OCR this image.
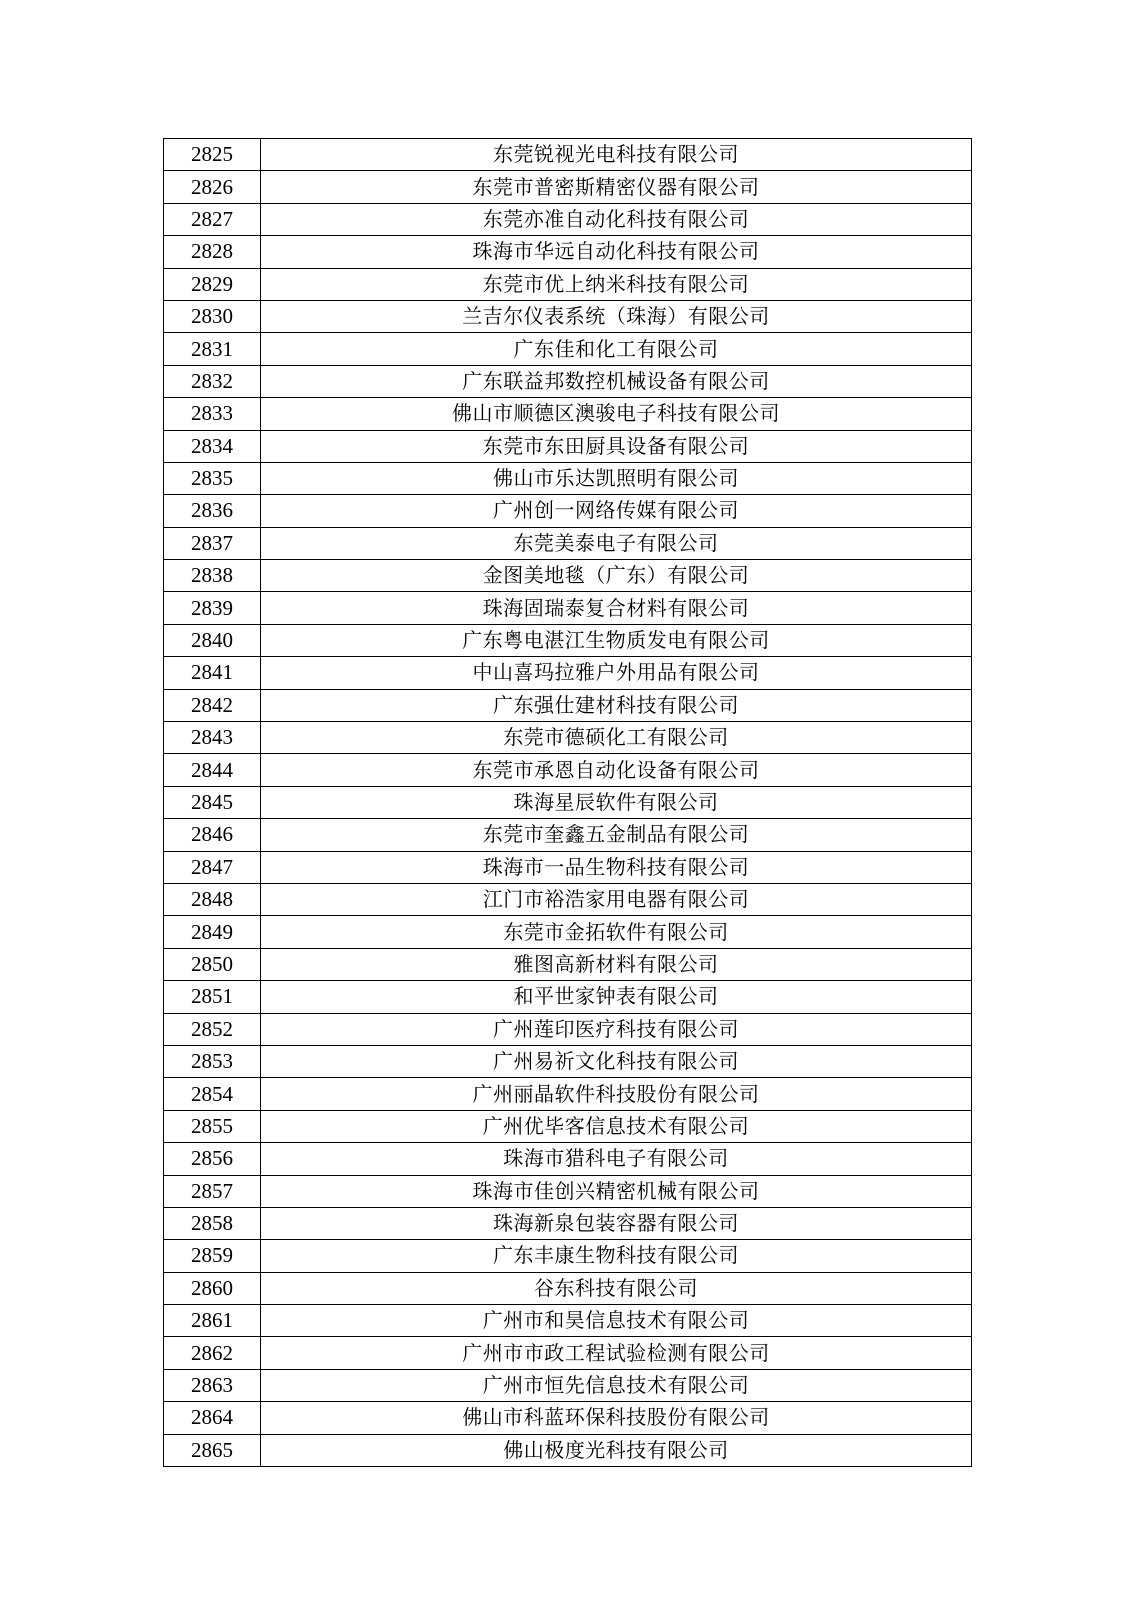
2825	东莞锐视光电科技有限公司
2826	东莞市普密斯精密仪器有限公司
2827	东莞亦准自动化科技有限公司
2828	珠海市华远自动化科技有限公司
2829	东莞市优上纳米科技有限公司
2830	兰吉尔仪表系统（珠海）有限公司
2831	广东佳和化工有限公司
2832	广东联益邦数控机械设备有限公司
2833	佛山市顺德区澳骏电子科技有限公司
2834	东莞市东田厨具设备有限公司
2835	佛山市乐达凯照明有限公司
2836	广州创一网络传媒有限公司
2837	东莞美泰电子有限公司
2838	金图美地毯（广东）有限公司
2839	珠海固瑞泰复合材料有限公司
2840	广东粤电湛江生物质发电有限公司
2841	中山喜玛拉雅户外用品有限公司
2842	广东强仕建材科技有限公司
2843	东莞市德硕化工有限公司
2844	东莞市承恩自动化设备有限公司
2845	珠海星辰软件有限公司
2846	东莞市奎鑫五金制品有限公司
2847	珠海市一品生物科技有限公司
2848	江门市裕浩家用电器有限公司
2849	东莞市金拓软件有限公司
2850	雅图高新材料有限公司
2851	和平世家钟表有限公司
2852	广州莲印医疗科技有限公司
2853	广州易祈文化科技有限公司
2854	广州丽晶软件科技股份有限公司
2855	广州优毕客信息技术有限公司
2856	珠海市猎科电子有限公司
2857	珠海市佳创兴精密机械有限公司
2858	珠海新泉包装容器有限公司
2859	广东丰康生物科技有限公司
2860	谷东科技有限公司
2861	广州市和昊信息技术有限公司
2862	广州市市政工程试验检测有限公司
2863	广州市恒先信息技术有限公司
2864	佛山市科蓝环保科技股份有限公司
2865	佛山极度光科技有限公司
